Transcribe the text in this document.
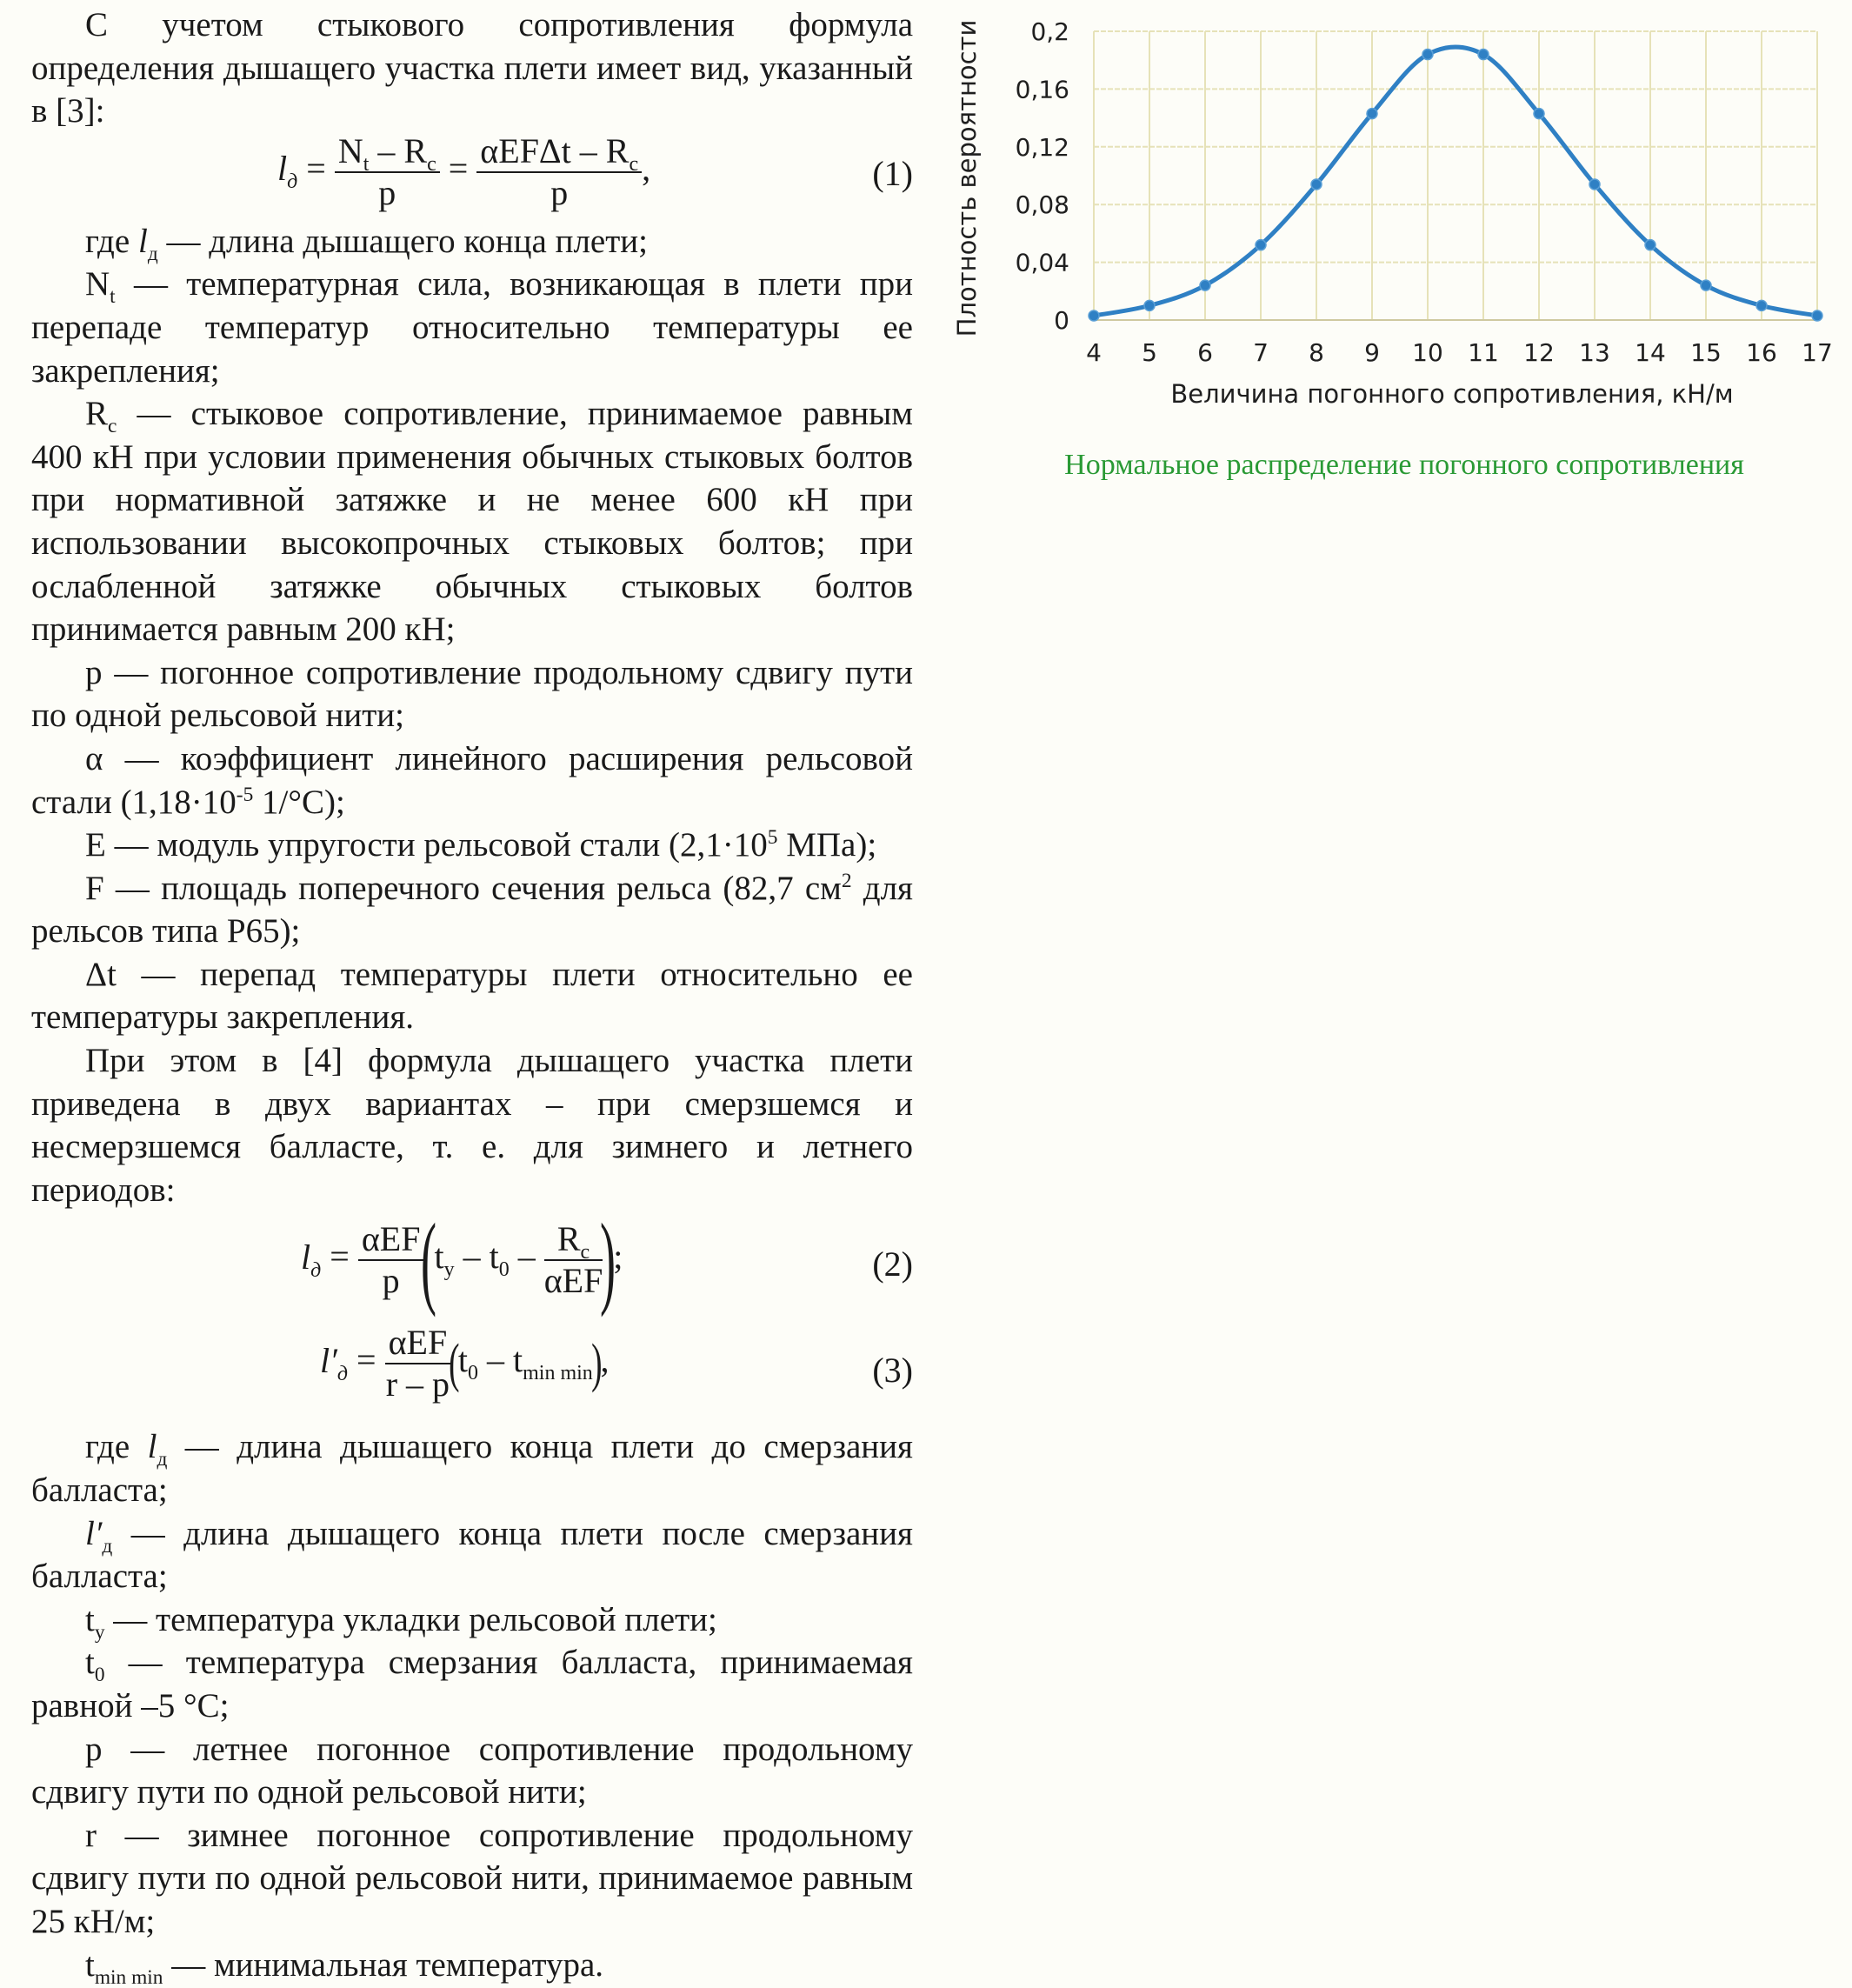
С учетом стыкового сопротивления формула определения дышащего участка плети имеет вид, указанный в [3]:

$l_д = \frac{N_t - R_c}{p} = \frac{\alpha EF\Delta t - R_c}{p}$ ,	(1)

где $l_д$ — длина дышащего конца плети;

$N_t$ — температурная сила, возникающая в плети при перепаде температур относительно температуры ее закрепления;

$R_c$ — стыковое сопротивление, принимаемое равным 400 кН при условии применения обычных стыковых болтов при нормативной затяжке и не менее 600 кН при использовании высокопрочных стыковых болтов; при ослабленной затяжке обычных стыковых болтов принимается равным 200 кН;

p — погонное сопротивление продольному сдвигу пути по одной рельсовой нити;

α — коэффициент линейного расширения рельсовой стали ($1,18\cdot 10^{-5}$ 1/°C);

E — модуль упругости рельсовой стали ($2,1\cdot 10^5$ МПа);

F — площадь поперечного сечения рельса (82,7 $см^2$ для рельсов типа Р65);

Δt — перепад температуры плети относительно ее температуры закрепления.

При этом в [4] формула дышащего участка плети приведена в двух вариантах – при смерзшемся и несмерзшемся балласте, т. е. для зимнего и летнего периодов:

$l_д = \frac{\text{αEF}}{p}$
($t_y - t_0 - \frac{R_c}{\text{αEF}}$
);	(2)
$l'_д = \frac{\text{αEF}}{r - p}$
$(t_0 - t_{min min})$,	(3)

где $l_д$ — длина дышащего конца плети до смерзания балласта;

$l'_д$ — длина дышащего конца плети после смерзания балласта;

$t_y$ — температура укладки рельсовой плети;

$t_0$ — температура смерзания балласта, принимаемая равной –5 °C;

p — летнее погонное сопротивление продольному сдвигу пути по одной рельсовой нити;

r — зимнее погонное сопротивление продольному сдвигу пути по одной рельсовой нити, принимаемое равным 25 кН/м;

$t_{min min}$ — минимальная температура.

0
0,04
0,08
0,12
0,16
0,2
4 5 6 7 8 9 10 11 12 13 14 15 16 17
Плотность вероятности
Величина погонного сопротивления, кН/м
Нормальное распределение погонного сопротивления
